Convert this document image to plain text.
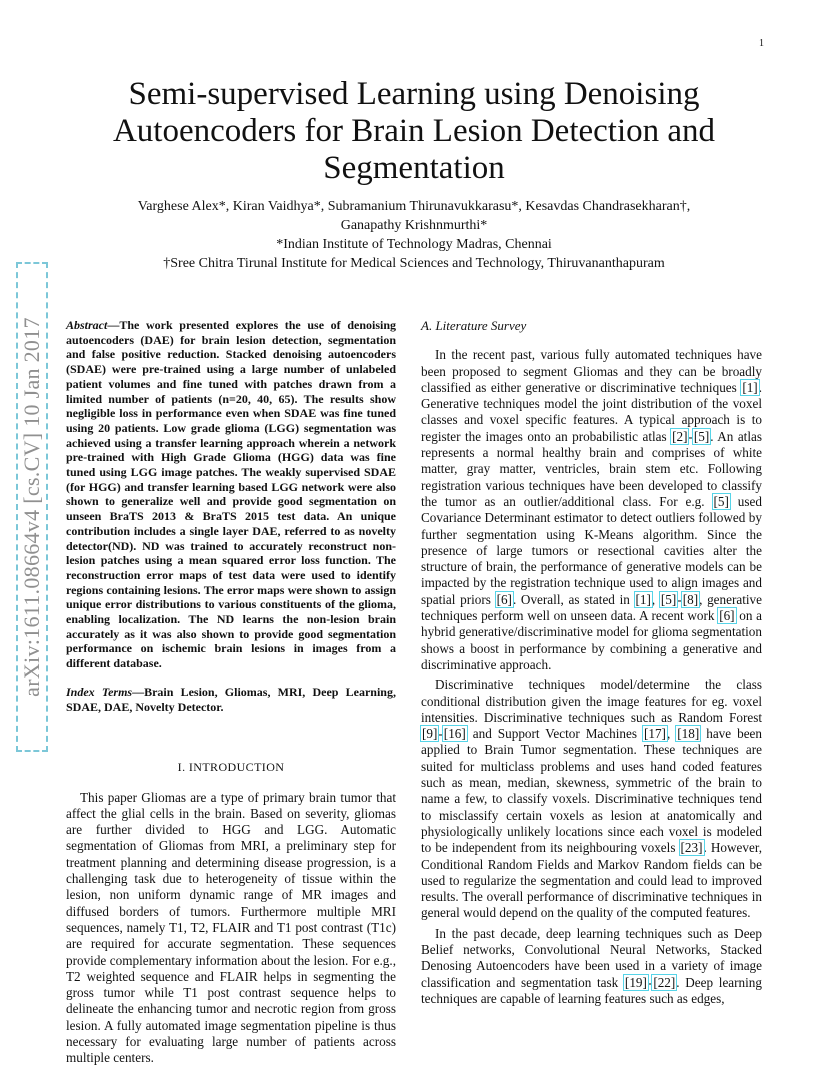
1
arXiv:1611.08664v4 [cs.CV] 10 Jan 2017
Semi-supervised Learning using Denoising Autoencoders for Brain Lesion Detection and Segmentation
Varghese Alex*, Kiran Vaidhya*, Subramanium Thirunavukkarasu*, Kesavdas Chandrasekharan†,
Ganapathy Krishnmurthi*
*Indian Institute of Technology Madras, Chennai
†Sree Chitra Tirunal Institute for Medical Sciences and Technology, Thiruvananthapuram

Abstract—The work presented explores the use of denoising autoencoders (DAE) for brain lesion detection, segmentation and false positive reduction. Stacked denoising autoencoders (SDAE) were pre-trained using a large number of unlabeled patient volumes and fine tuned with patches drawn from a limited number of patients (n=20, 40, 65). The results show negligible loss in performance even when SDAE was fine tuned using 20 patients. Low grade glioma (LGG) segmentation was achieved using a transfer learning approach wherein a network pre-trained with High Grade Glioma (HGG) data was fine tuned using LGG image patches. The weakly supervised SDAE (for HGG) and transfer learning based LGG network were also shown to generalize well and provide good segmentation on unseen BraTS 2013 & BraTS 2015 test data. An unique contribution includes a single layer DAE, referred to as novelty detector(ND). ND was trained to accurately reconstruct non-lesion patches using a mean squared error loss function. The reconstruction error maps of test data were used to identify regions containing lesions. The error maps were shown to assign unique error distributions to various constituents of the glioma, enabling localization. The ND learns the non-lesion brain accurately as it was also shown to provide good segmentation performance on ischemic brain lesions in images from a different database.

Index Terms—Brain Lesion, Gliomas, MRI, Deep Learning, SDAE, DAE, Novelty Detector.

I. INTRODUCTION

This paper Gliomas are a type of primary brain tumor that affect the glial cells in the brain. Based on severity, gliomas are further divided to HGG and LGG. Automatic segmentation of Gliomas from MRI, a preliminary step for treatment planning and determining disease progression, is a challenging task due to heterogeneity of tissue within the lesion, non uniform dynamic range of MR images and diffused borders of tumors. Furthermore multiple MRI sequences, namely T1, T2, FLAIR and T1 post contrast (T1c) are required for accurate segmentation. These sequences provide complementary information about the lesion. For e.g., T2 weighted sequence and FLAIR helps in segmenting the gross tumor while T1 post contrast sequence helps to delineate the enhancing tumor and necrotic region from gross lesion. A fully automated image segmentation pipeline is thus necessary for evaluating large number of patients across multiple centers.

A. Literature Survey

In the recent past, various fully automated techniques have been proposed to segment Gliomas and they can be broadly classified as either generative or discriminative techniques [1]. Generative techniques model the joint distribution of the voxel classes and voxel specific features. A typical approach is to register the images onto an probabilistic atlas [2]-[5]. An atlas represents a normal healthy brain and comprises of white matter, gray matter, ventricles, brain stem etc. Following registration various techniques have been developed to classify the tumor as an outlier/additional class. For e.g. [5] used Covariance Determinant estimator to detect outliers followed by further segmentation using K-Means algorithm. Since the presence of large tumors or resectional cavities alter the structure of brain, the performance of generative models can be impacted by the registration technique used to align images and spatial priors [6]. Overall, as stated in [1], [5]-[8], generative techniques perform well on unseen data. A recent work [6] on a hybrid generative/discriminative model for glioma segmentation shows a boost in performance by combining a generative and discriminative approach.

Discriminative techniques model/determine the class conditional distribution given the image features for eg. voxel intensities. Discriminative techniques such as Random Forest [9]-[16] and Support Vector Machines [17], [18] have been applied to Brain Tumor segmentation. These techniques are suited for multiclass problems and uses hand coded features such as mean, median, skewness, symmetric of the brain to name a few, to classify voxels. Discriminative techniques tend to misclassify certain voxels as lesion at anatomically and physiologically unlikely locations since each voxel is modeled to be independent from its neighbouring voxels [23]. However, Conditional Random Fields and Markov Random fields can be used to regularize the segmentation and could lead to improved results. The overall performance of discriminative techniques in general would depend on the quality of the computed features.

In the past decade, deep learning techniques such as Deep Belief networks, Convolutional Neural Networks, Stacked Denosing Autoencoders have been used in a variety of image classification and segmentation task [19]-[22]. Deep learning techniques are capable of learning features such as edges,
